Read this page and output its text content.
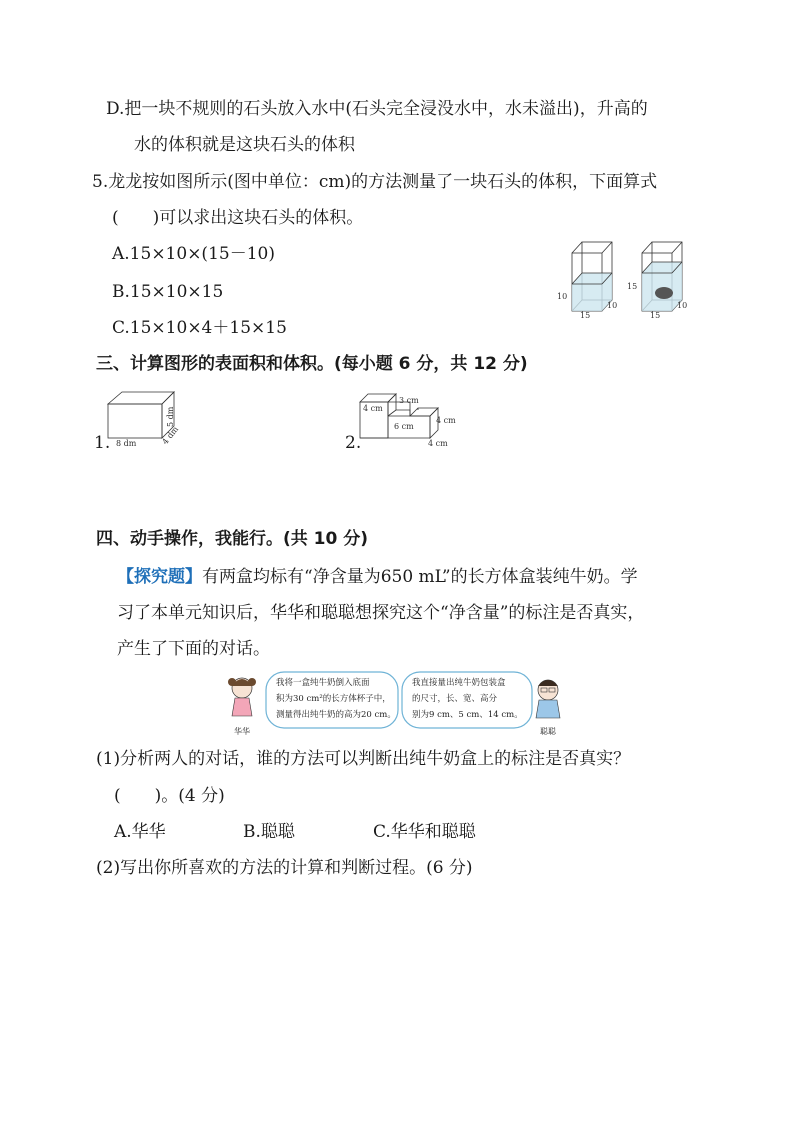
D.把一块不规则的石头放入水中(石头完全浸没水中，水未溢出)，升高的
水的体积就是这块石头的体积
5.龙龙按如图所示(图中单位：cm)的方法测量了一块石头的体积，下面算式
(　　)可以求出这块石头的体积。
A.15×10×(15－10)
B.15×10×15
C.15×10×4＋15×15
10
15
10
15
15
10
三、计算图形的表面积和体积。(每小题 6 分，共 12 分)
1. 8 dm	4 dm
5 dm
2.
4 cm
3 cm
6 cm
4 cm
4 cm
四、动手操作，我能行。(共 10 分)
【探究题】有两盒均标有“净含量为650 mL”的长方体盒装纯牛奶。学
习了本单元知识后，华华和聪聪想探究这个“净含量”的标注是否真实，
产生了下面的对话。
我将一盒纯牛奶倒入底面
积为30 cm²的长方体杯子中，
测量得出纯牛奶的高为20 cm。
我直接量出纯牛奶包装盒
的尺寸，长、宽、高分
别为9 cm、5 cm、14 cm。
华华	聪聪
(1)分析两人的对话，谁的方法可以判断出纯牛奶盒上的标注是否真实？
(　　)。(4 分)
A.华华	B.聪聪	C.华华和聪聪
(2)写出你所喜欢的方法的计算和判断过程。(6 分)
